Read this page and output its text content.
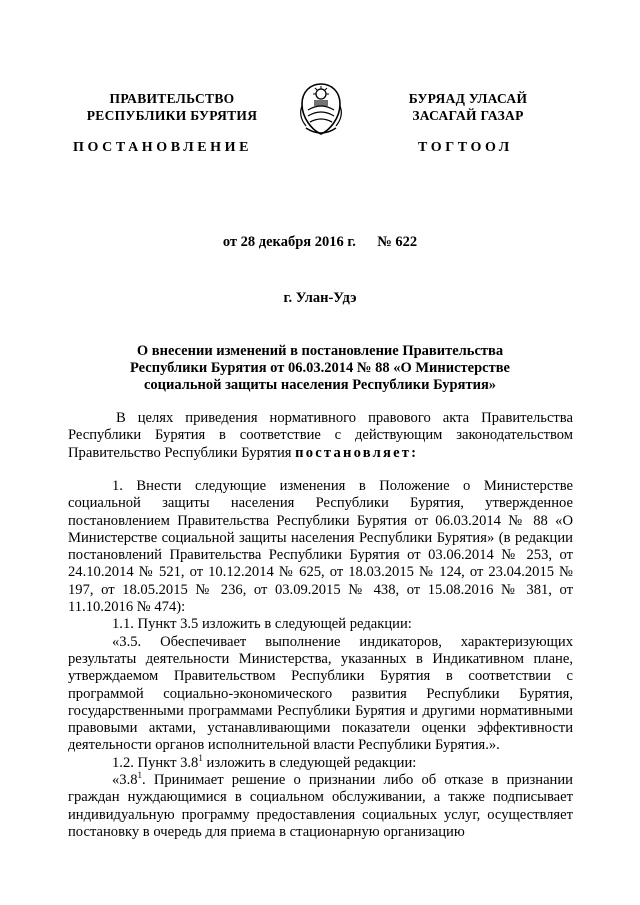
ПРАВИТЕЛЬСТВО
РЕСПУБЛИКИ БУРЯТИЯ
БУРЯАД УЛАСАЙ
ЗАСАГАЙ ГАЗАР
ПОСТАНОВЛЕНИЕ	ТОГТООЛ
от 28 декабря 2016 г. № 622
г. Улан-Удэ
О внесении изменений в постановление Правительства
Республики Бурятия от 06.03.2014 № 88 «О Министерстве
социальной защиты населения Республики Бурятия»

В целях приведения нормативного правового акта Правительства Республики Бурятия в соответствие с действующим законодательством Правительство Республики Бурятия постановляет:

1. Внести следующие изменения в Положение о Министерстве социальной защиты населения Республики Бурятия, утвержденное постановлением Правительства Республики Бурятия от 06.03.2014 № 88 «О Министерстве социальной защиты населения Республики Бурятия» (в редакции постановлений Правительства Республики Бурятия от 03.06.2014 № 253, от 24.10.2014 № 521, от 10.12.2014 № 625, от 18.03.2015 № 124, от 23.04.2015 № 197, от 18.05.2015 № 236, от 03.09.2015 № 438, от 15.08.2016 № 381, от 11.10.2016 № 474):

1.1. Пункт 3.5 изложить в следующей редакции:

«3.5. Обеспечивает выполнение индикаторов, характеризующих результаты деятельности Министерства, указанных в Индикативном плане, утверждаемом Правительством Республики Бурятия в соответствии с программой социально-экономического развития Республики Бурятия, государственными программами Республики Бурятия и другими нормативными правовыми актами, устанавливающими показатели оценки эффективности деятельности органов исполнительной власти Республики Бурятия.».

1.2. Пункт $3.8^1$ изложить в следующей редакции:

«$3.8^1$. Принимает решение о признании либо об отказе в признании граждан нуждающимися в социальном обслуживании, а также подписывает индивидуальную программу предоставления социальных услуг, осуществляет постановку в очередь для приема в стационарную организацию
